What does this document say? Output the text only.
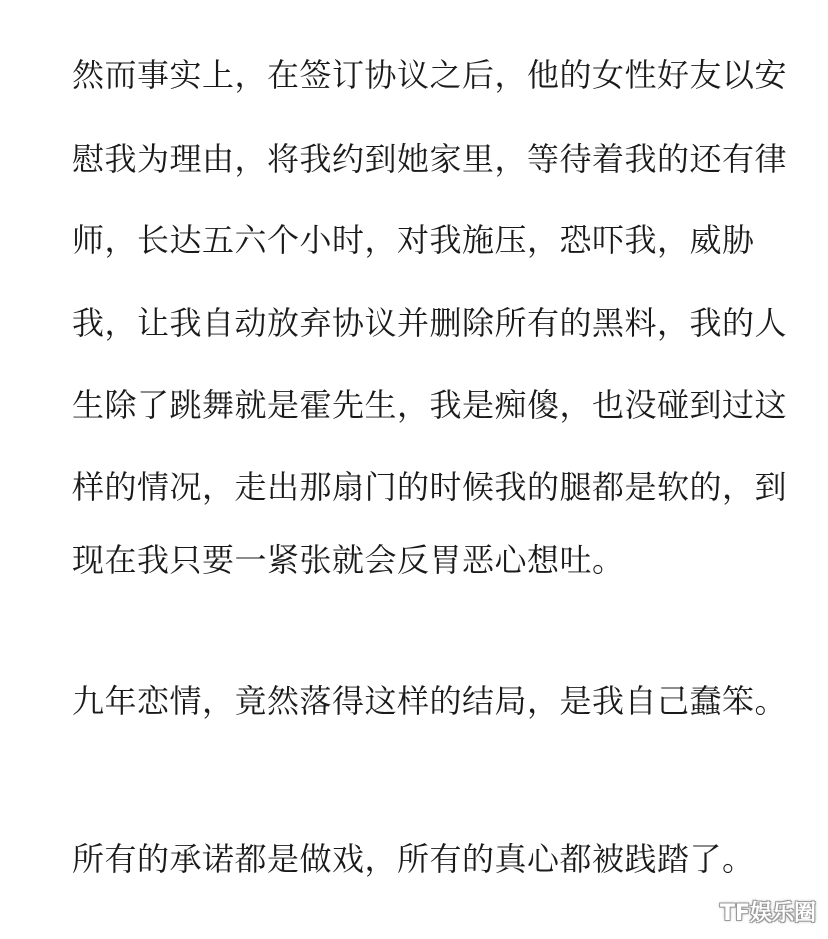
然而事实上，在签订协议之后，他的女性好友以安
慰我为理由，将我约到她家里，等待着我的还有律
师，长达五六个小时，对我施压，恐吓我，威胁
我，让我自动放弃协议并删除所有的黑料，我的人
生除了跳舞就是霍先生，我是痴傻，也没碰到过这
样的情况，走出那扇门的时候我的腿都是软的，到
现在我只要一紧张就会反胃恶心想吐。
九年恋情，竟然落得这样的结局，是我自己蠢笨。
所有的承诺都是做戏，所有的真心都被践踏了。
TF娱乐圈
